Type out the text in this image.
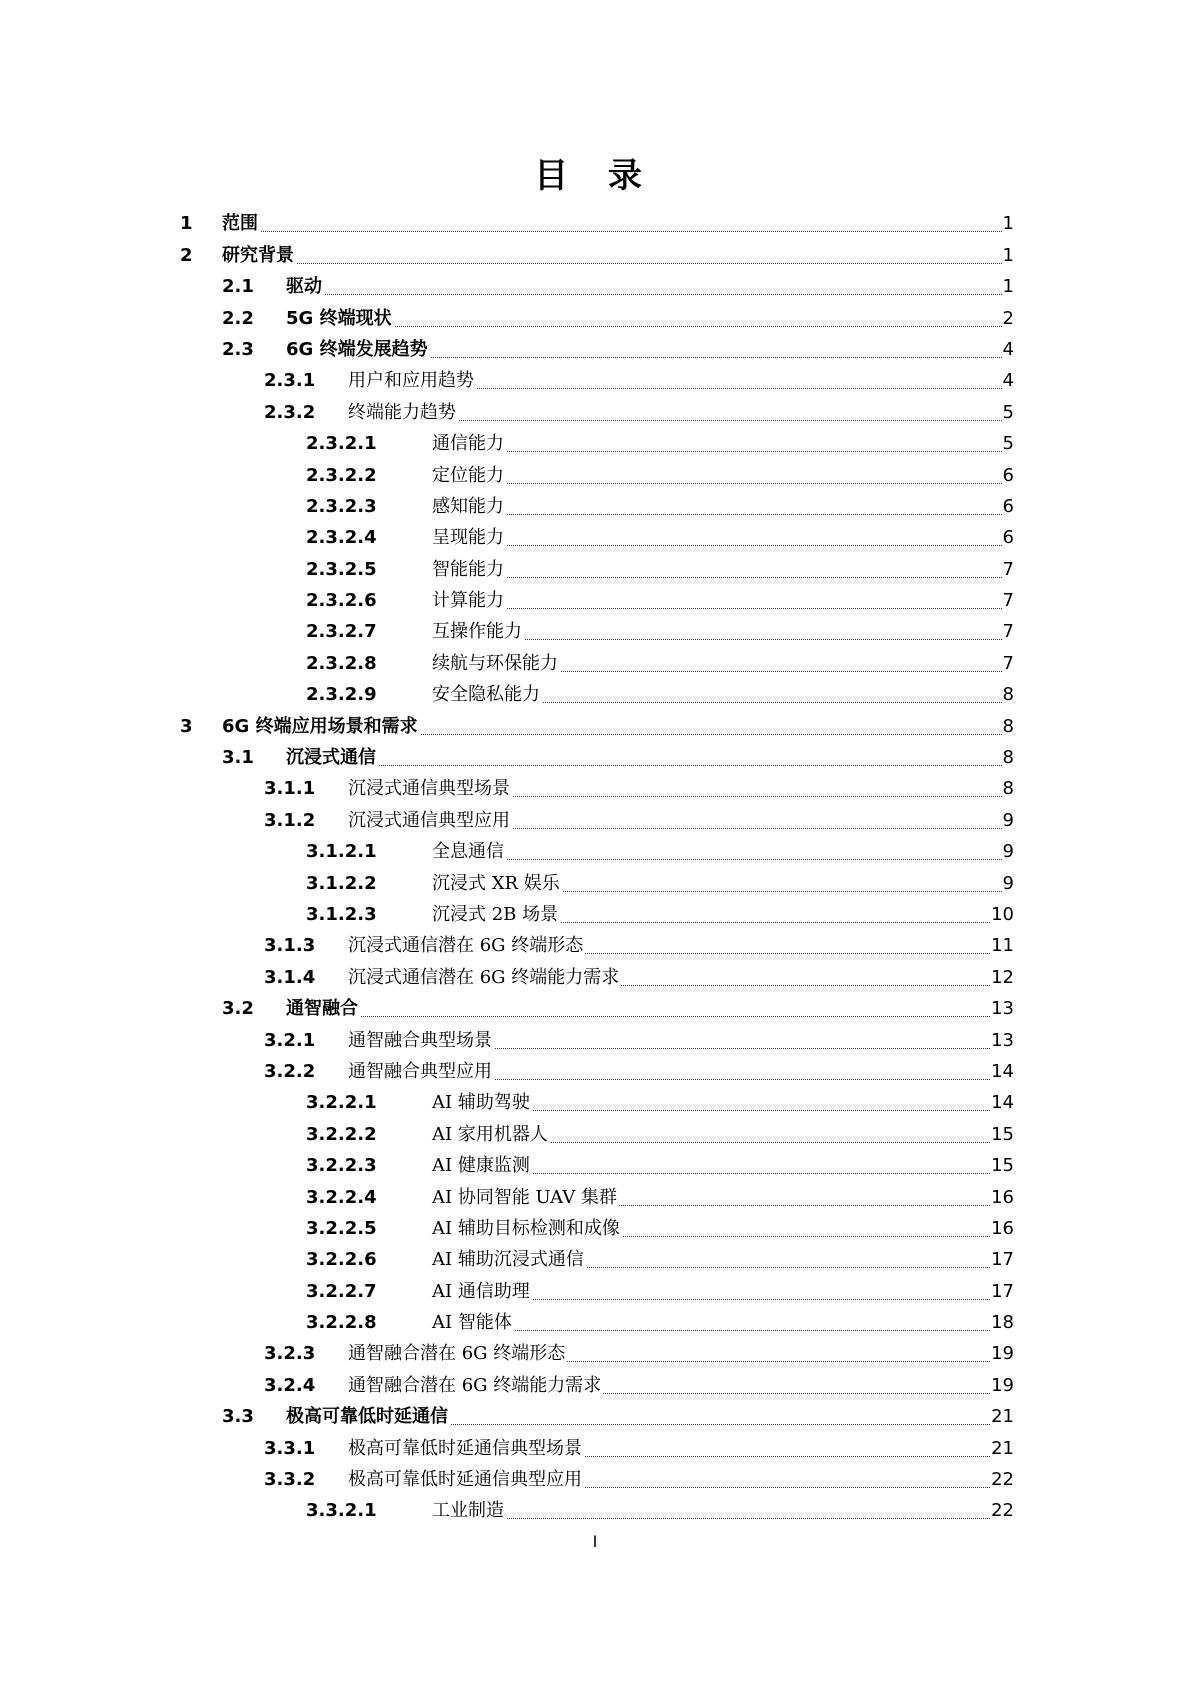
目 录
1 范围	1
2 研究背景	1
2.1 驱动	1
2.2 5G 终端现状	2
2.3 6G 终端发展趋势	4
2.3.1 用户和应用趋势	4
2.3.2 终端能力趋势	5
2.3.2.1	通信能力	5
2.3.2.2	定位能力	6
2.3.2.3	感知能力	6
2.3.2.4	呈现能力	6
2.3.2.5	智能能力	7
2.3.2.6	计算能力	7
2.3.2.7	互操作能力	7
2.3.2.8	续航与环保能力	7
2.3.2.9	安全隐私能力	8
3 6G 终端应用场景和需求	8
3.1 沉浸式通信	8
3.1.1 沉浸式通信典型场景	8
3.1.2 沉浸式通信典型应用	9
3.1.2.1	全息通信	9
3.1.2.2	沉浸式 XR 娱乐	9
3.1.2.3	沉浸式 2B 场景	10
3.1.3 沉浸式通信潜在 6G 终端形态	11
3.1.4 沉浸式通信潜在 6G 终端能力需求	12
3.2 通智融合	13
3.2.1 通智融合典型场景	13
3.2.2 通智融合典型应用	14
3.2.2.1	AI 辅助驾驶	14
3.2.2.2	AI 家用机器人	15
3.2.2.3	AI 健康监测	15
3.2.2.4	AI 协同智能 UAV 集群	16
3.2.2.5	AI 辅助目标检测和成像	16
3.2.2.6	AI 辅助沉浸式通信	17
3.2.2.7	AI 通信助理	17
3.2.2.8	AI 智能体	18
3.2.3 通智融合潜在 6G 终端形态	19
3.2.4 通智融合潜在 6G 终端能力需求	19
3.3 极高可靠低时延通信	21
3.3.1 极高可靠低时延通信典型场景	21
3.3.2 极高可靠低时延通信典型应用	22
3.3.2.1	工业制造	22
I
